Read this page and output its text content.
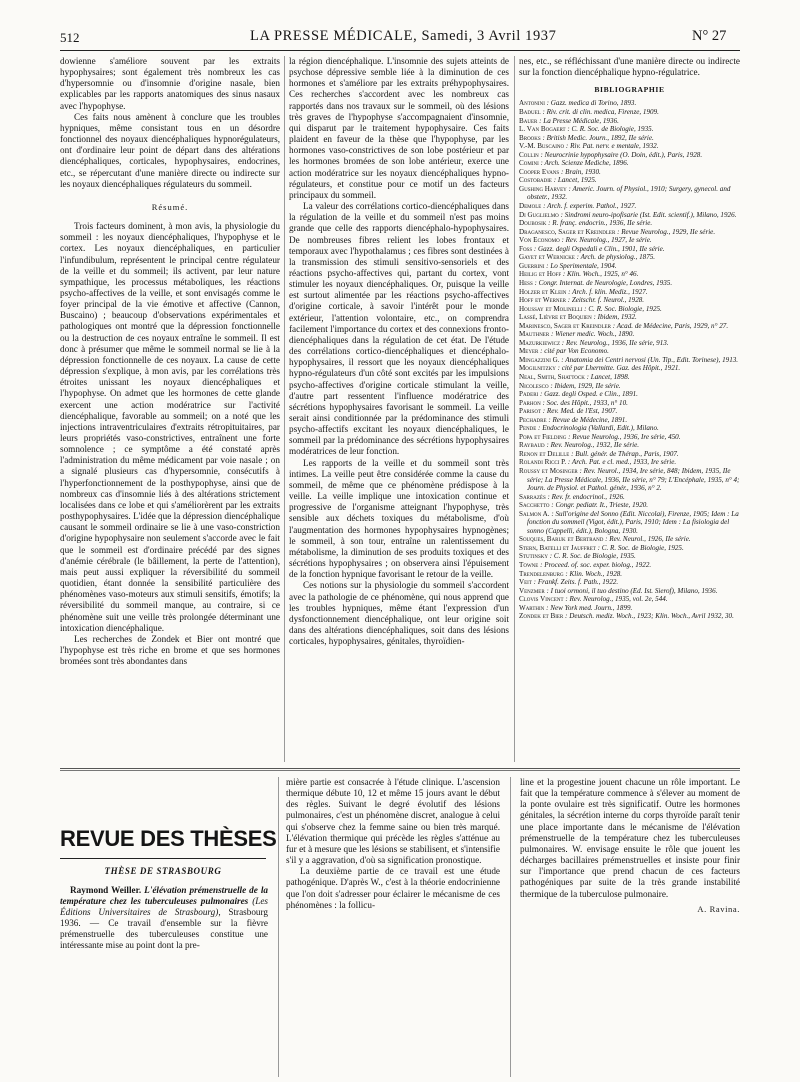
512	LA PRESSE MÉDICALE, Samedi, 3 Avril 1937	N° 27

dowienne s'améliore souvent par les extraits hypophysaires; sont également très nombreux les cas d'hypersomnie ou d'insomnie d'origine nasale, bien explicables par les rapports anatomiques des sinus nasaux avec l'hypophyse.

Ces faits nous amènent à conclure que les troubles hypniques, même consistant tous en un désordre fonctionnel des noyaux diencéphaliques hypnorégulateurs, ont d'ordinaire leur point de départ dans des altérations diencéphaliques, corticales, hypophysaires, endocrines, etc., se répercutant d'une manière directe ou indirecte sur les noyaux diencéphaliques régulateurs du sommeil.

Résumé.

Trois facteurs dominent, à mon avis, la physiologie du sommeil : les noyaux diencéphaliques, l'hypophyse et le cortex. Les noyaux diencéphaliques, en particulier l'infundibulum, représentent le principal centre régulateur de la veille et du sommeil; ils activent, par leur nature sympathique, les processus métaboliques, les réactions psycho-affectives de la veille, et sont envisagés comme le foyer principal de la vie émotive et affective (Cannon, Buscaino) ; beaucoup d'observations expérimentales et pathologiques ont montré que la dépression fonctionnelle ou la destruction de ces noyaux entraîne le sommeil. Il est donc à présumer que même le sommeil normal se lie à la dépression fonctionnelle de ces noyaux. La cause de cette dépression s'explique, à mon avis, par les corrélations très étroites unissant les noyaux diencéphaliques et l'hypophyse. On admet que les hormones de cette glande exercent une action modératrice sur l'activité diencéphalique, favorable au sommeil; on a noté que les injections intraventriculaires d'extraits rétropituitaires, par leurs propriétés vaso-constrictives, entraînent une forte somnolence ; ce symptôme a été constaté après l'administration du même médicament par voie nasale ; on a signalé plusieurs cas d'hypersomnie, consécutifs à l'hyperfonctionnement de la posthypophyse, ainsi que de nombreux cas d'insomnie liés à des altérations strictement localisées dans ce lobe et qui s'améliorèrent par les extraits posthypophysaires. L'idée que la dépression diencéphalique causant le sommeil ordinaire se lie à une vaso-constriction d'origine hypophysaire non seulement s'accorde avec le fait que le sommeil est d'ordinaire précédé par des signes d'anémie cérébrale (le bâillement, la perte de l'attention), mais peut aussi expliquer la réversibilité du sommeil quotidien, étant donnée la sensibilité particulière des phénomènes vaso-moteurs aux stimuli sensitifs, émotifs; la réversibilité du sommeil manque, au contraire, si ce phénomène suit une veille très prolongée déterminant une intoxication diencéphalique.

Les recherches de Zondek et Bier ont montré que l'hypophyse est très riche en brome et que ses hormones bromées sont très abondantes dans

la région diencéphalique. L'insomnie des sujets atteints de psychose dépressive semble liée à la diminution de ces hormones et s'améliore par les extraits préhypophysaires. Ces recherches s'accordent avec les nombreux cas rapportés dans nos travaux sur le sommeil, où des lésions très graves de l'hypophyse s'accompagnaient d'insomnie, qui disparut par le traitement hypophysaire. Ces faits plaident en faveur de la thèse que l'hypophyse, par les hormones vaso-constrictives de son lobe postérieur et par les hormones bromées de son lobe antérieur, exerce une action modératrice sur les noyaux diencéphaliques hypno-régulateurs, et constitue pour ce motif un des facteurs principaux du sommeil.

La valeur des corrélations cortico-diencéphaliques dans la régulation de la veille et du sommeil n'est pas moins grande que celle des rapports diencéphalo-hypophysaires. De nombreuses fibres relient les lobes frontaux et temporaux avec l'hypothalamus ; ces fibres sont destinées à la transmission des stimuli sensitivo-sensoriels et des réactions psycho-affectives qui, partant du cortex, vont stimuler les noyaux diencéphaliques. Or, puisque la veille est surtout alimentée par les réactions psycho-affectives d'origine corticale, à savoir l'intérêt pour le monde extérieur, l'attention volontaire, etc., on comprendra facilement l'importance du cortex et des connexions fronto-diencéphaliques dans la régulation de cet état. De l'étude des corrélations cortico-diencéphaliques et diencéphalo-hypophysaires, il ressort que les noyaux diencéphaliques hypno-régulateurs d'un côté sont excités par les impulsions psycho-affectives d'origine corticale stimulant la veille, d'autre part ressentent l'influence modératrice des sécrétions hypophysaires favorisant le sommeil. La veille serait ainsi conditionnée par la prédominance des stimuli psycho-affectifs excitant les noyaux diencéphaliques, le sommeil par la prédominance des sécrétions hypophysaires modératrices de leur fonction.

Les rapports de la veille et du sommeil sont très intimes. La veille peut être considérée comme la cause du sommeil, de même que ce phénomène prédispose à la veille. La veille implique une intoxication continue et progressive de l'organisme atteignant l'hypophyse, très sensible aux déchets toxiques du métabolisme, d'où l'augmentation des hormones hypophysaires hypnogènes; le sommeil, à son tour, entraîne un ralentissement du métabolisme, la diminution de ses produits toxiques et des sécrétions hypophysaires ; on observera ainsi l'épuisement de la fonction hypnique favorisant le retour de la veille.

Ces notions sur la physiologie du sommeil s'accordent avec la pathologie de ce phénomène, qui nous apprend que les troubles hypniques, même étant l'expression d'un dysfonctionnement diencéphalique, ont leur origine soit dans des altérations diencéphaliques, soit dans des lésions corticales, hypophysaires, génitales, thyroïdien-

nes, etc., se réfléchissant d'une manière directe ou indirecte sur la fonction diencéphalique hypno-régulatrice.

BIBLIOGRAPHIE

Antonini : Gazz. medica di Torino, 1893.

Baduel : Riv. crit. di clin. medica, Firenze, 1909.

Bauer : La Presse Médicale, 1936.

L. Van Bogaert : C. R. Soc. de Biologie, 1935.

Brooks : British Medic. Journ., 1892, IIe série.

V.-M. Buscaino : Riv. Pat. nerv. e mentale, 1932.

Collin : Neurocrinie hypophysaire (O. Doin, édit.), Paris, 1928.

Comini : Arch. Scienze Mediche, 1896.

Cooper Evans : Brain, 1930.

Costobadie : Lancet, 1925.

Gushing Harvey : Americ. Journ. of Physiol., 1910; Surgery, gynecol. and obstetr., 1932.

Demole : Arch. f. experim. Pathol., 1927.

Di Guglielmo : Sindromi neuro-ipofisarie (Ist. Edit. scientif.), Milano, 1926.

Doubosik : R. franç. endocrin., 1936, IIe série.

Draganesco, Sager et Kreindler : Revue Neurolog., 1929, IIe série.

Von Economo : Rev. Neurolog., 1927, Ie série.

Foss : Gazz. degli Ospedali e Clin., 1901, IIe série.

Gayet et Wernicke : Arch. de physiolog., 1875.

Guerrini : Lo Sperimentale, 1904.

Heilig et Hoff : Klin. Woch., 1925, n° 46.

Hess : Congr. Internat. de Neurologie, Londres, 1935.

Holzer et Klein : Arch. f. klin. Mediz., 1927.

Hoff et Werner : Zeitschr. f. Neurol., 1928.

Houssay et Molinelli : C. R. Soc. Biologie, 1925.

Lassé, Lièvre et Boquien : Ibidem, 1932.

Marinesco, Sager et Kreindler : Acad. de Médecine, Paris, 1929, n° 27.

Mauthner : Wiener medic. Woch., 1890.

Mazurkiewicz : Rev. Neurolog., 1936, IIe série, 913.

Meyer : cité par Von Economo.

Mingazzini G. : Anatomia dei Centri nervosi (Un. Tip., Edit. Torinese), 1913.

Mogilnitzky : cité par Lhermitte. Gaz. des Hôpit., 1921.

Neal, Smith, Shattock : Lancet, 1898.

Nicolesco : Ibidem, 1929, IIe série.

Paderi : Gazz. degli Osped. e Clin., 1891.

Parhon : Soc. des Hôpit., 1933, n° 10.

Parisot : Rev. Med. de l'Est, 1907.

Pechadre : Revue de Médecine, 1891.

Pende : Endocrinologia (Vallardi, Edit.), Milano.

Popa et Fielding : Revue Neurolog., 1936, Ire série, 450.

Raybaud : Rev. Neurolog., 1932, IIe série.

Renon et Delille : Bull. génér. de Thérap., Paris, 1907.

Rolandi Ricci P. : Arch. Pat. e cl. med., 1933, Ire série.

Roussy et Mosinger : Rev. Neurol., 1934, Ire série, 848; Ibidem, 1935, IIe série; La Presse Médicale, 1936, IIe série, n° 79; L'Encéphale, 1935, n° 4; Journ. de Physiol. et Pathol. génér., 1936, n° 2.

Sarrazès : Rev. fr. endocrinol., 1926.

Sacchetto : Congr. pediatr. It., Trieste, 1920.

Salmon A. : Sull'origine del Sonno (Edit. Niccolai), Firenze, 1905; Idem : La fonction du sommeil (Vigot, édit.), Paris, 1910; Idem : La fisiologia del sonno (Cappelli, édit.), Bologna, 1930.

Souques, Baruk et Bertrand : Rev. Neurol., 1926, IIe série.

Stern, Batelli et Jauffret : C. R. Soc. de Biologie, 1925.

Stutinsky : C. R. Soc. de Biologie, 1935.

Towne : Proceed. of. soc. exper. biolog., 1922.

Trendelenburg : Klin. Woch., 1928.

Veit : Frankf. Zeits. f. Path., 1922.

Venzmer : I tuoi ormoni, il tuo destino (Ed. Ist. Sierof), Milano, 1936.

Clovis Vincent : Rev. Neurolog., 1935, vol. 2e, 544.

Warthin : New York med. Journ., 1899.

Zondek et Bier : Deutsch. mediz. Woch., 1923; Klin. Woch., Avril 1932, 30.

REVUE DES THÈSES
THÈSE DE STRASBOURG

Raymond Weiller. L'élévation prémenstruelle de la température chez les tuberculeuses pulmonaires (Les Éditions Universitaires de Strasbourg), Strasbourg 1936. — Ce travail d'ensemble sur la fièvre prémenstruelle des tuberculeuses constitue une intéressante mise au point dont la pre-

mière partie est consacrée à l'étude clinique. L'ascension thermique débute 10, 12 et même 15 jours avant le début des règles. Suivant le degré évolutif des lésions pulmonaires, c'est un phénomène discret, analogue à celui qui s'observe chez la femme saine ou bien très marqué. L'élévation thermique qui précède les règles s'atténue au fur et à mesure que les lésions se stabilisent, et s'intensifie s'il y a aggravation, d'où sa signification pronostique.

La deuxième partie de ce travail est une étude pathogénique. D'après W., c'est à la théorie endocrinienne que l'on doit s'adresser pour éclairer le mécanisme de ces phénomènes : la follicu-

line et la progestine jouent chacune un rôle important. Le fait que la température commence à s'élever au moment de la ponte ovulaire est très significatif. Outre les hormones génitales, la sécrétion interne du corps thyroïde paraît tenir une place importante dans le mécanisme de l'élévation prémenstruelle de la température chez les tuberculeuses pulmonaires. W. envisage ensuite le rôle que jouent les décharges bacillaires prémenstruelles et insiste pour finir sur l'importance que prend chacun de ces facteurs pathogéniques par suite de la très grande instabilité thermique de la tuberculose pulmonaire.

A. Ravina.
